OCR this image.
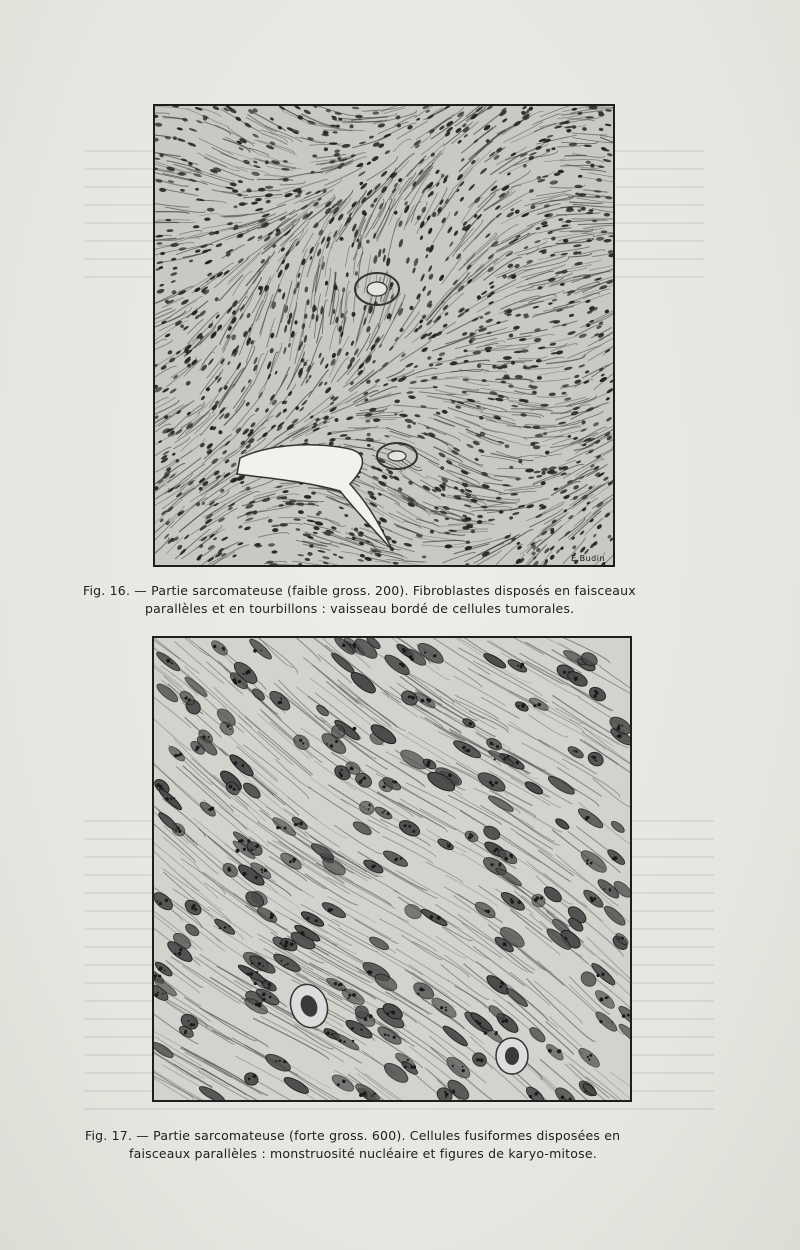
E.Budin
Fig. 16. — Partie sarcomateuse (faible gross. 200). Fibroblastes disposés en faisceaux
parallèles et en tourbillons : vaisseau bordé de cellules tumorales.
Fig. 17. — Partie sarcomateuse (forte gross. 600). Cellules fusiformes disposées en
faisceaux parallèles : monstruosité nucléaire et figures de karyo-mitose.
